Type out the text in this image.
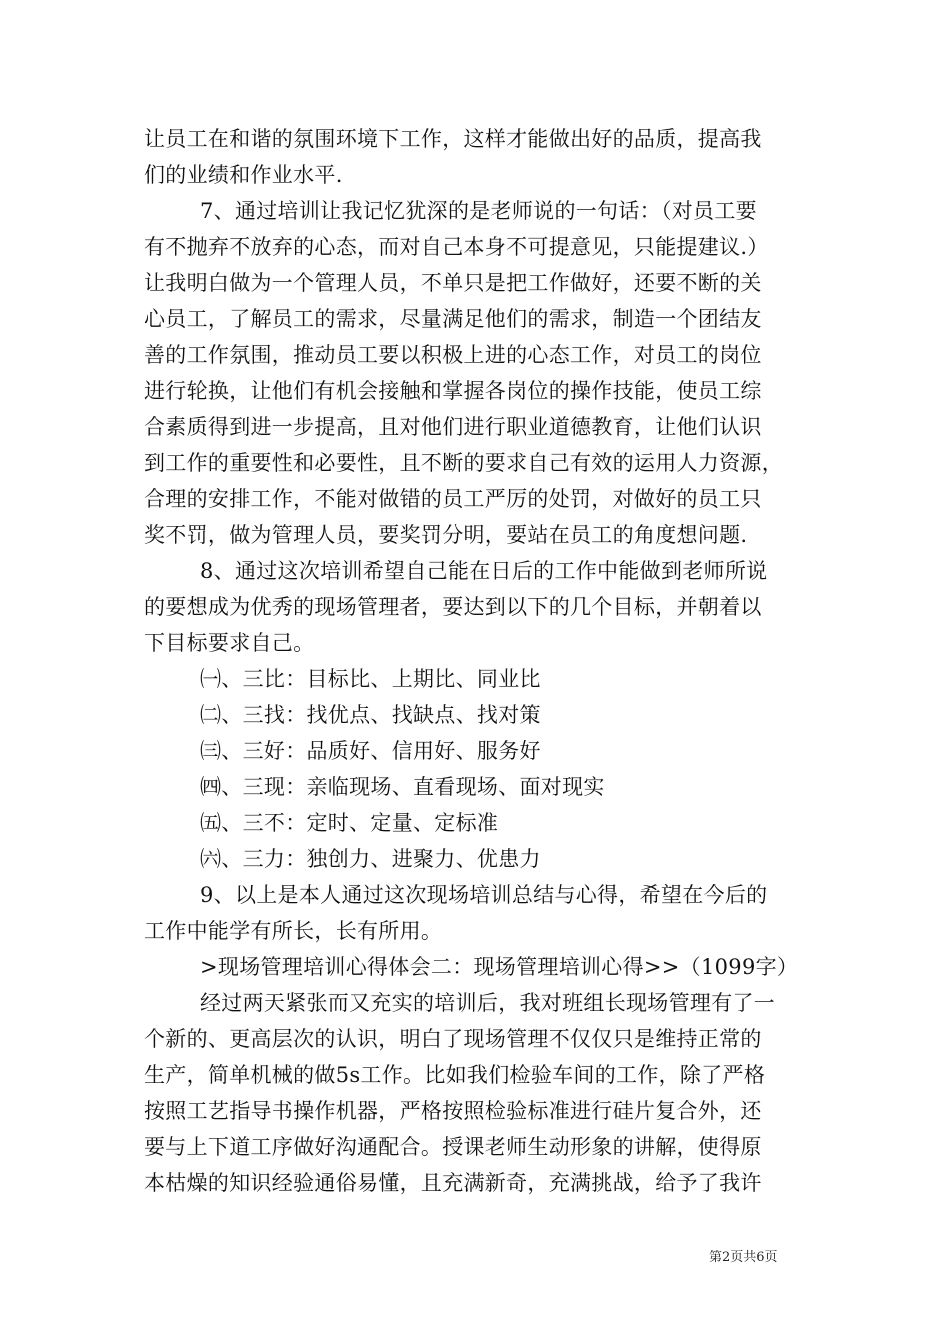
让员工在和谐的氛围环境下工作，这样才能做出好的品质，提高我
们的业绩和作业水平.
7、通过培训让我记忆犹深的是老师说的一句话：（对员工要
有不抛弃不放弃的心态，而对自己本身不可提意见，只能提建议.）
让我明白做为一个管理人员，不单只是把工作做好，还要不断的关
心员工，了解员工的需求，尽量满足他们的需求，制造一个团结友
善的工作氛围，推动员工要以积极上进的心态工作，对员工的岗位
进行轮换，让他们有机会接触和掌握各岗位的操作技能，使员工综
合素质得到进一步提高，且对他们进行职业道德教育，让他们认识
到工作的重要性和必要性，且不断的要求自己有效的运用人力资源，
合理的安排工作，不能对做错的员工严厉的处罚，对做好的员工只
奖不罚，做为管理人员，要奖罚分明，要站在员工的角度想问题.
8、通过这次培训希望自己能在日后的工作中能做到老师所说
的要想成为优秀的现场管理者，要达到以下的几个目标，并朝着以
下目标要求自己。
㈠、三比：目标比、上期比、同业比
㈡、三找：找优点、找缺点、找对策
㈢、三好：品质好、信用好、服务好
㈣、三现：亲临现场、直看现场、面对现实
㈤、三不：定时、定量、定标准
㈥、三力：独创力、进聚力、优患力
9、以上是本人通过这次现场培训总结与心得，希望在今后的
工作中能学有所长，长有所用。
>现场管理培训心得体会二：现场管理培训心得>>（1099字）
经过两天紧张而又充实的培训后，我对班组长现场管理有了一
个新的、更高层次的认识，明白了现场管理不仅仅只是维持正常的
生产，简单机械的做5s工作。比如我们检验车间的工作，除了严格
按照工艺指导书操作机器，严格按照检验标准进行硅片复合外，还
要与上下道工序做好沟通配合。授课老师生动形象的讲解，使得原
本枯燥的知识经验通俗易懂，且充满新奇，充满挑战，给予了我许
第2页共6页
